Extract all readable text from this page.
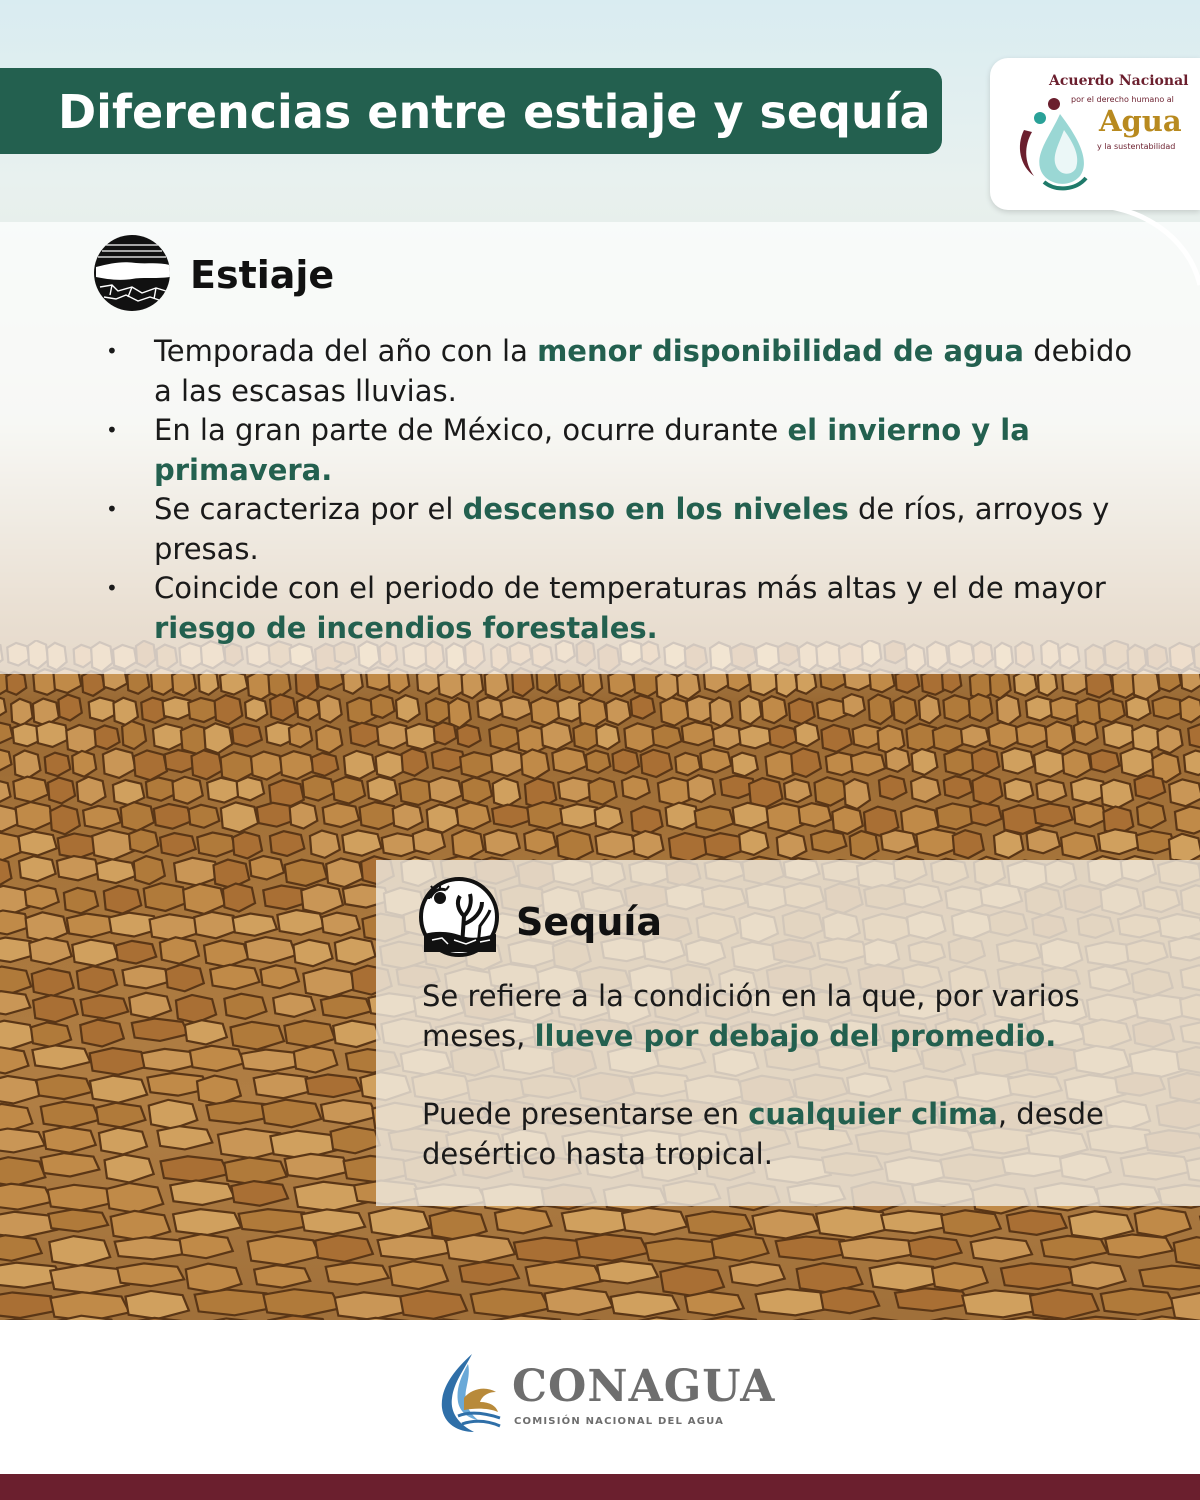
Diferencias entre estiaje y sequía
Acuerdo Nacional
por el derecho humano al
Agua
y la sustentabilidad
Estiaje
• Temporada del año con la menor disponibilidad de agua debido a las escasas lluvias.
• En la gran parte de México, ocurre durante el invierno y la primavera.
• Se caracteriza por el descenso en los niveles de ríos, arroyos y presas.
• Coincide con el periodo de temperaturas más altas y el de mayor riesgo de incendios forestales.
Sequía

Se refiere a la condición en la que, por varios meses, llueve por debajo del promedio.

Puede presentarse en cualquier clima, desde desértico hasta tropical.

CONAGUA
COMISIÓN NACIONAL DEL AGUA
